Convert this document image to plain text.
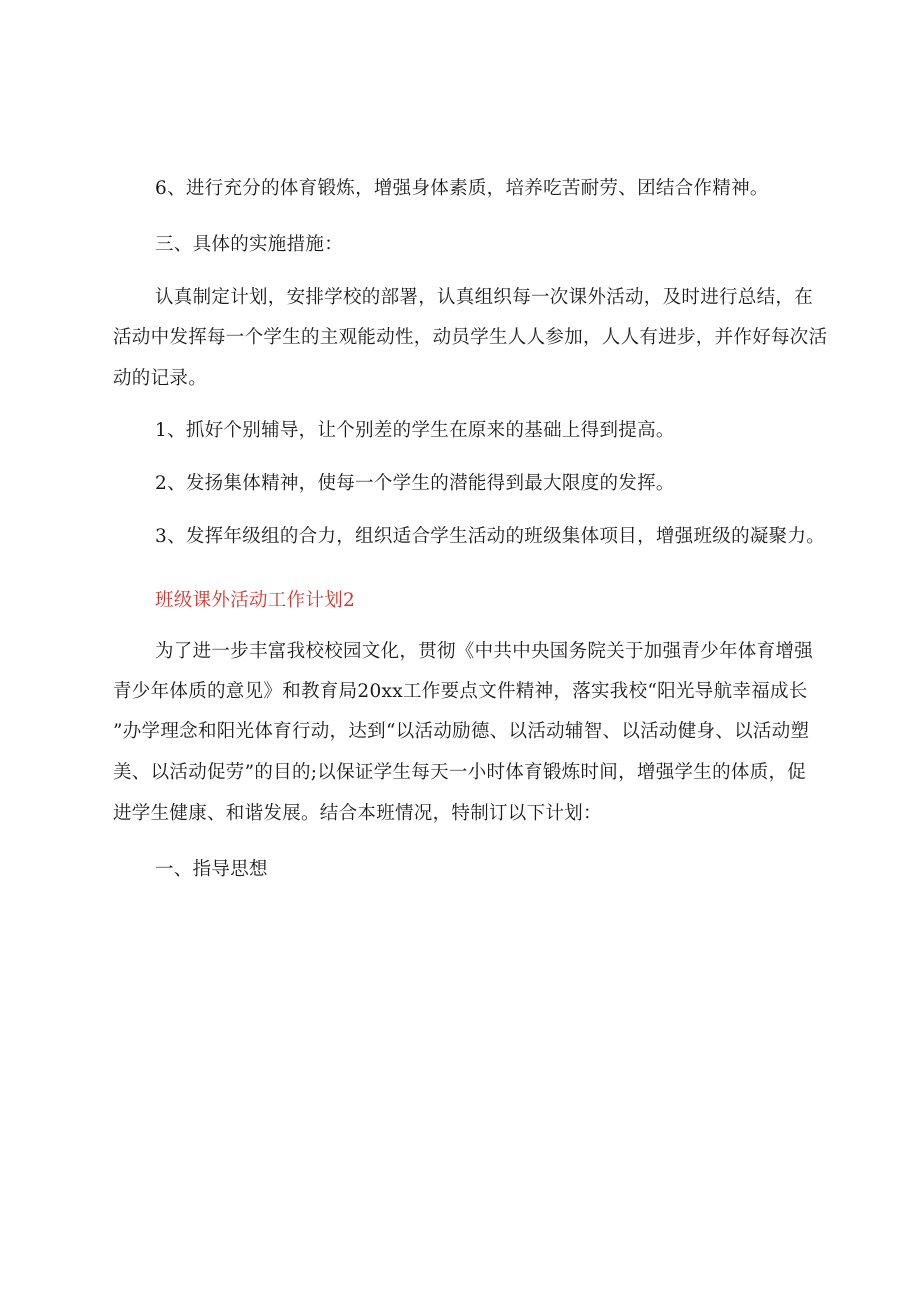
6、进行充分的体育锻炼，增强身体素质，培养吃苦耐劳、团结合作精神。
三、具体的实施措施：
认真制定计划，安排学校的部署，认真组织每一次课外活动，及时进行总结，在
活动中发挥每一个学生的主观能动性，动员学生人人参加，人人有进步，并作好每次活
动的记录。
1、抓好个别辅导，让个别差的学生在原来的基础上得到提高。
2、发扬集体精神，使每一个学生的潜能得到最大限度的发挥。
3、发挥年级组的合力，组织适合学生活动的班级集体项目，增强班级的凝聚力。
班级课外活动工作计划2
为了进一步丰富我校校园文化，贯彻《中共中央国务院关于加强青少年体育增强
青少年体质的意见》和教育局20xx工作要点文件精神，落实我校“阳光导航幸福成长
”办学理念和阳光体育行动，达到“以活动励德、以活动辅智、以活动健身、以活动塑
美、以活动促劳”的目的;以保证学生每天一小时体育锻炼时间，增强学生的体质，促
进学生健康、和谐发展。结合本班情况，特制订以下计划：
一、指导思想
